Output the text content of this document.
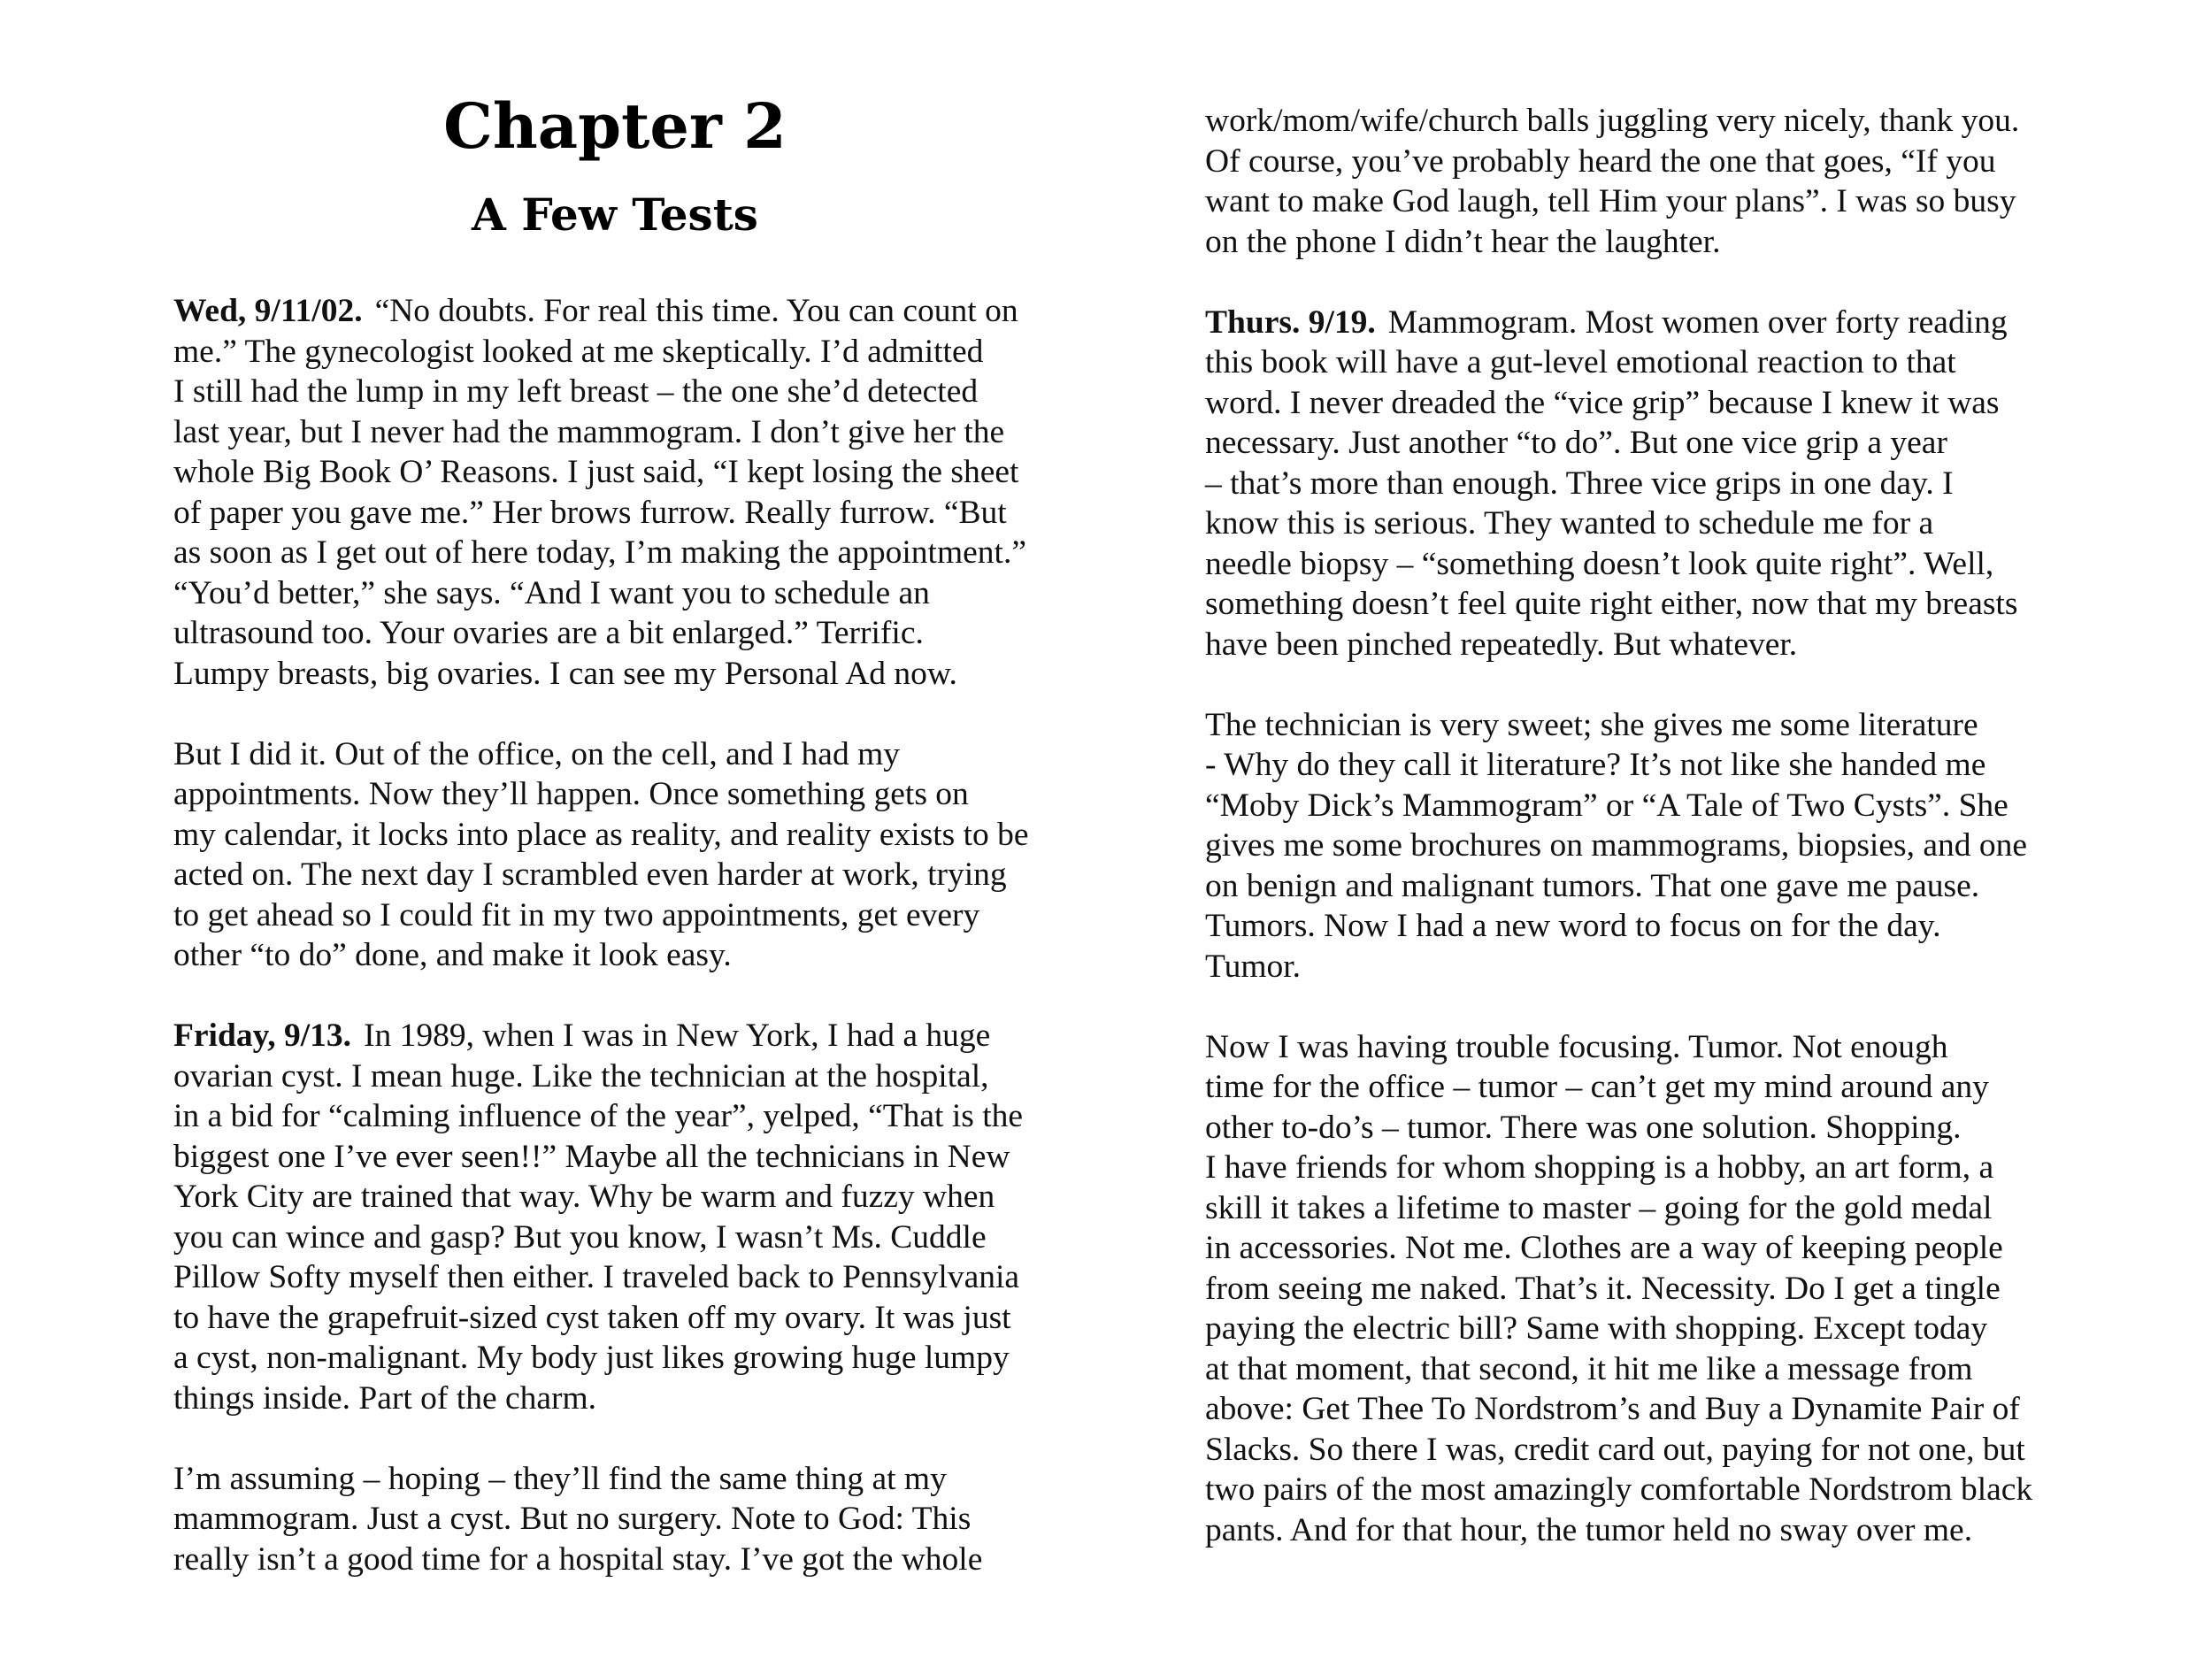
Chapter 2
A Few Tests
Wed, 9/11/02. “No doubts. For real this time. You can count on
me.” The gynecologist looked at me skeptically. I’d admitted
I still had the lump in my left breast – the one she’d detected
last year, but I never had the mammogram. I don’t give her the
whole Big Book O’ Reasons. I just said, “I kept losing the sheet
of paper you gave me.” Her brows furrow. Really furrow. “But
as soon as I get out of here today, I’m making the appointment.”
“You’d better,” she says. “And I want you to schedule an
ultrasound too. Your ovaries are a bit enlarged.” Terrific.
Lumpy breasts, big ovaries. I can see my Personal Ad now.
But I did it. Out of the office, on the cell, and I had my
appointments. Now they’ll happen. Once something gets on
my calendar, it locks into place as reality, and reality exists to be
acted on. The next day I scrambled even harder at work, trying
to get ahead so I could fit in my two appointments, get every
other “to do” done, and make it look easy.
Friday, 9/13. In 1989, when I was in New York, I had a huge
ovarian cyst. I mean huge. Like the technician at the hospital,
in a bid for “calming influence of the year”, yelped, “That is the
biggest one I’ve ever seen!!” Maybe all the technicians in New
York City are trained that way. Why be warm and fuzzy when
you can wince and gasp? But you know, I wasn’t Ms. Cuddle
Pillow Softy myself then either. I traveled back to Pennsylvania
to have the grapefruit-sized cyst taken off my ovary. It was just
a cyst, non-malignant. My body just likes growing huge lumpy
things inside. Part of the charm.
I’m assuming – hoping – they’ll find the same thing at my
mammogram. Just a cyst. But no surgery. Note to God: This
really isn’t a good time for a hospital stay. I’ve got the whole
work/mom/wife/church balls juggling very nicely, thank you.
Of course, you’ve probably heard the one that goes, “If you
want to make God laugh, tell Him your plans”. I was so busy
on the phone I didn’t hear the laughter.
Thurs. 9/19. Mammogram. Most women over forty reading
this book will have a gut-level emotional reaction to that
word. I never dreaded the “vice grip” because I knew it was
necessary. Just another “to do”. But one vice grip a year
– that’s more than enough. Three vice grips in one day. I
know this is serious. They wanted to schedule me for a
needle biopsy – “something doesn’t look quite right”. Well,
something doesn’t feel quite right either, now that my breasts
have been pinched repeatedly. But whatever.
The technician is very sweet; she gives me some literature
- Why do they call it literature? It’s not like she handed me
“Moby Dick’s Mammogram” or “A Tale of Two Cysts”. She
gives me some brochures on mammograms, biopsies, and one
on benign and malignant tumors. That one gave me pause.
Tumors. Now I had a new word to focus on for the day.
Tumor.
Now I was having trouble focusing. Tumor. Not enough
time for the office – tumor – can’t get my mind around any
other to-do’s – tumor. There was one solution. Shopping.
I have friends for whom shopping is a hobby, an art form, a
skill it takes a lifetime to master – going for the gold medal
in accessories. Not me. Clothes are a way of keeping people
from seeing me naked. That’s it. Necessity. Do I get a tingle
paying the electric bill? Same with shopping. Except today
at that moment, that second, it hit me like a message from
above: Get Thee To Nordstrom’s and Buy a Dynamite Pair of
Slacks. So there I was, credit card out, paying for not one, but
two pairs of the most amazingly comfortable Nordstrom black
pants. And for that hour, the tumor held no sway over me.
